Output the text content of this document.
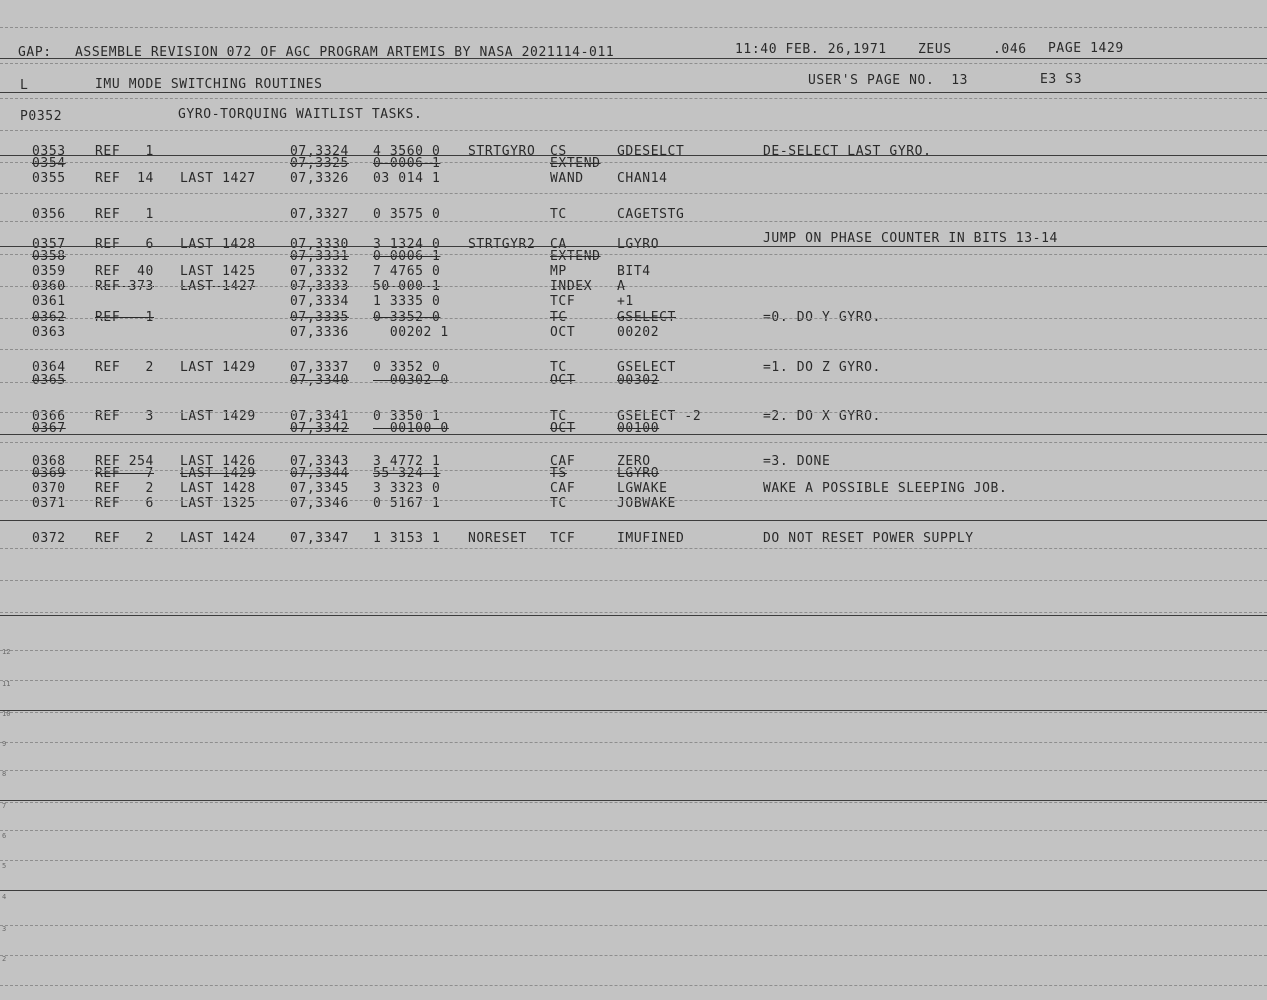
GAP: ASSEMBLE REVISION 072 OF AGC PROGRAM ARTEMIS BY NASA 2021114-011	11:40 FEB. 26,1971 ZEUS	.046 PAGE 1429
L	IMU MODE SWITCHING ROUTINES	USER'S PAGE NO.  13	E3 S3
P0352	GYRO-TORQUING WAITLIST TASKS.
0353 REF   1	07,3324 4 3560 0 STRTGYRO CS	GDESELCT	DE-SELECT LAST GYRO.
0354	07,3325 0 0006 1	EXTEND
0355 REF  14 LAST 1427	07,3326 03 014 1	WAND	CHAN14
0356 REF   1	07,3327 0 3575 0	TC	CAGETSTG
0357 REF   6 LAST 1428	07,3330 3 1324 0 STRTGYR2 CA	LGYRO	JUMP ON PHASE COUNTER IN BITS 13-14
0358	07,3331 0 0006 1	EXTEND
0359 REF  40 LAST 1425	07,3332 7 4765 0	MP	BIT4
0360 REF 373 LAST 1427	07,3333 50 000 1	INDEX A
0361	07,3334 1 3335 0	TCF	+1
0362 REF   1	07,3335 0 3352 0	TC	GSELECT	=0. DO Y GYRO.
0363	07,3336 00202 1	OCT	00202
0364 REF   2 LAST 1429	07,3337 0 3352 0	TC	GSELECT	=1. DO Z GYRO.
0365	07,3340 00302 0	OCT	00302
0366 REF   3 LAST 1429	07,3341 0 3350 1	TC	GSELECT -2	=2. DO X GYRO.
0367	07,3342 00100 0	OCT	00100
0368 REF 254 LAST 1426	07,3343 3 4772 1	CAF	ZERO	=3. DONE
0369 REF   7 LAST 1429	07,3344 55'324 1	TS	LGYRO
0370 REF   2 LAST 1428	07,3345 3 3323 0	CAF	LGWAKE	WAKE A POSSIBLE SLEEPING JOB.
0371 REF   6 LAST 1325	07,3346 0 5167 1	TC	JOBWAKE
0372 REF   2 LAST 1424	07,3347 1 3153 1 NORESET TCF	IMUFINED	DO NOT RESET POWER SUPPLY
12
11
10
9
8
7
6
5
4
3
2
